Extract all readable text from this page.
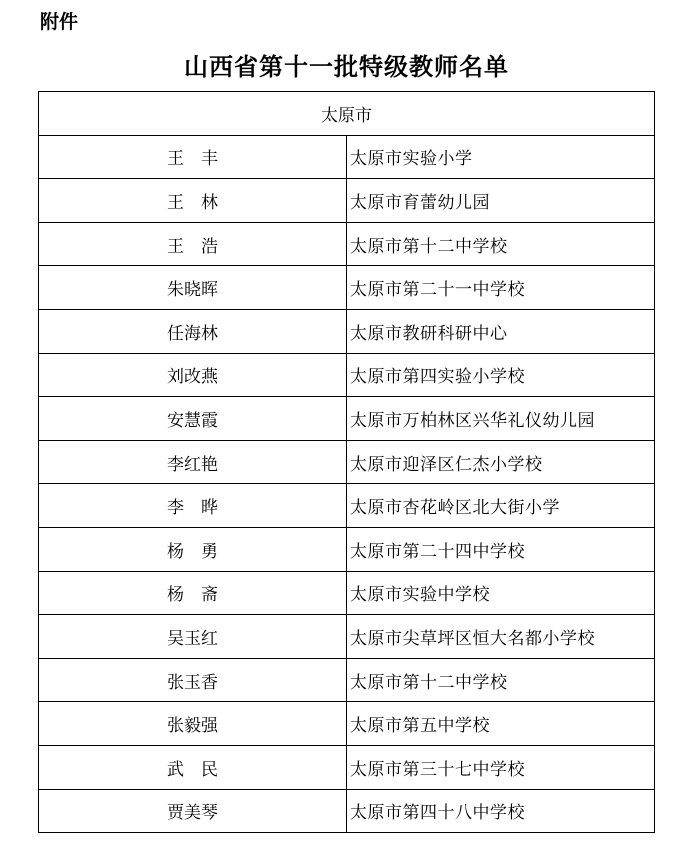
附件
山西省第十一批特级教师名单
太原市	
王　丰	太原市实验小学
王　林	太原市育蕾幼儿园
王　浩	太原市第十二中学校
朱晓晖	太原市第二十一中学校
任海林	太原市教研科研中心
刘改燕	太原市第四实验小学校
安慧霞	太原市万柏林区兴华礼仪幼儿园
李红艳	太原市迎泽区仁杰小学校
李　晔	太原市杏花岭区北大街小学
杨　勇	太原市第二十四中学校
杨　斋	太原市实验中学校
吴玉红	太原市尖草坪区恒大名都小学校
张玉香	太原市第十二中学校
张毅强	太原市第五中学校
武　民	太原市第三十七中学校
贾美琴	太原市第四十八中学校
